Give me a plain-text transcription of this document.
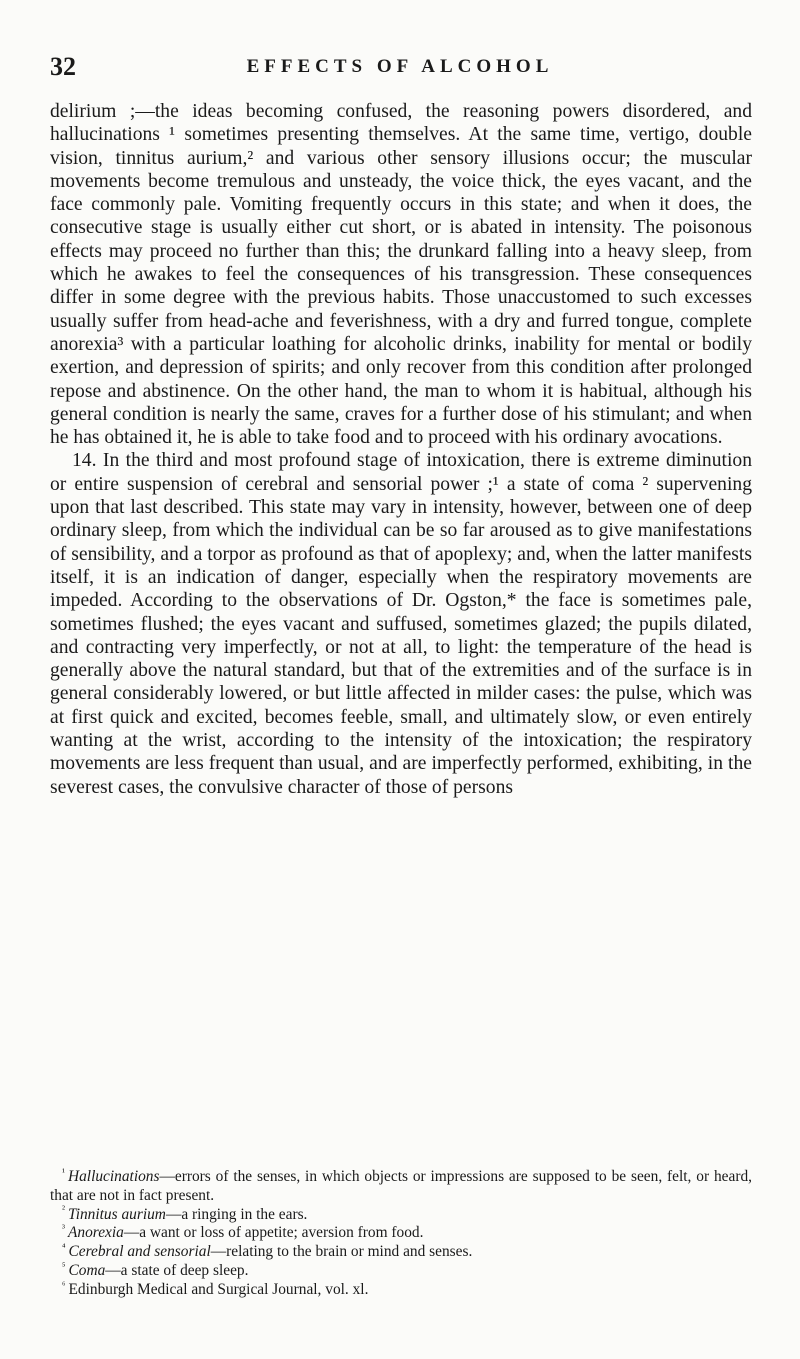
32	EFFECTS OF ALCOHOL

delirium ;—the ideas becoming confused, the reasoning powers disordered, and hallucinations ¹ sometimes presenting themselves. At the same time, vertigo, double vision, tinnitus aurium,² and various other sensory illusions occur; the muscular movements become tremulous and unsteady, the voice thick, the eyes vacant, and the face commonly pale. Vomiting frequently occurs in this state; and when it does, the consecutive stage is usually either cut short, or is abated in intensity. The poisonous effects may proceed no further than this; the drunkard falling into a heavy sleep, from which he awakes to feel the consequences of his transgression. These consequences differ in some degree with the previous habits. Those unaccustomed to such excesses usually suffer from head-ache and feverishness, with a dry and furred tongue, complete anorexia³ with a particular loathing for alcoholic drinks, inability for mental or bodily exertion, and depression of spirits; and only recover from this condition after prolonged repose and abstinence. On the other hand, the man to whom it is habitual, although his general condition is nearly the same, craves for a further dose of his stimulant; and when he has obtained it, he is able to take food and to proceed with his ordinary avocations.

14. In the third and most profound stage of intoxication, there is extreme diminution or entire suspension of cerebral and sensorial power ;¹ a state of coma ² supervening upon that last described. This state may vary in intensity, however, between one of deep ordinary sleep, from which the individual can be so far aroused as to give manifestations of sensibility, and a torpor as profound as that of apoplexy; and, when the latter manifests itself, it is an indication of danger, especially when the respiratory movements are impeded. According to the observations of Dr. Ogston,* the face is sometimes pale, sometimes flushed; the eyes vacant and suffused, sometimes glazed; the pupils dilated, and contracting very imperfectly, or not at all, to light: the temperature of the head is generally above the natural standard, but that of the extremities and of the surface is in general considerably lowered, or but little affected in milder cases: the pulse, which was at first quick and excited, becomes feeble, small, and ultimately slow, or even entirely wanting at the wrist, according to the intensity of the intoxication; the respiratory movements are less frequent than usual, and are imperfectly performed, exhibiting, in the severest cases, the convulsive character of those of persons

$^{^1}$ Hallucinations—errors of the senses, in which objects or impressions are supposed to be seen, felt, or heard, that are not in fact present.

$^{^2}$ Tinnitus aurium—a ringing in the ears.

$^{^3}$ Anorexia—a want or loss of appetite; aversion from food.

$^{^4}$ Cerebral and sensorial—relating to the brain or mind and senses.

$^{^5}$ Coma—a state of deep sleep.

$^{^6}$ Edinburgh Medical and Surgical Journal, vol. xl.
